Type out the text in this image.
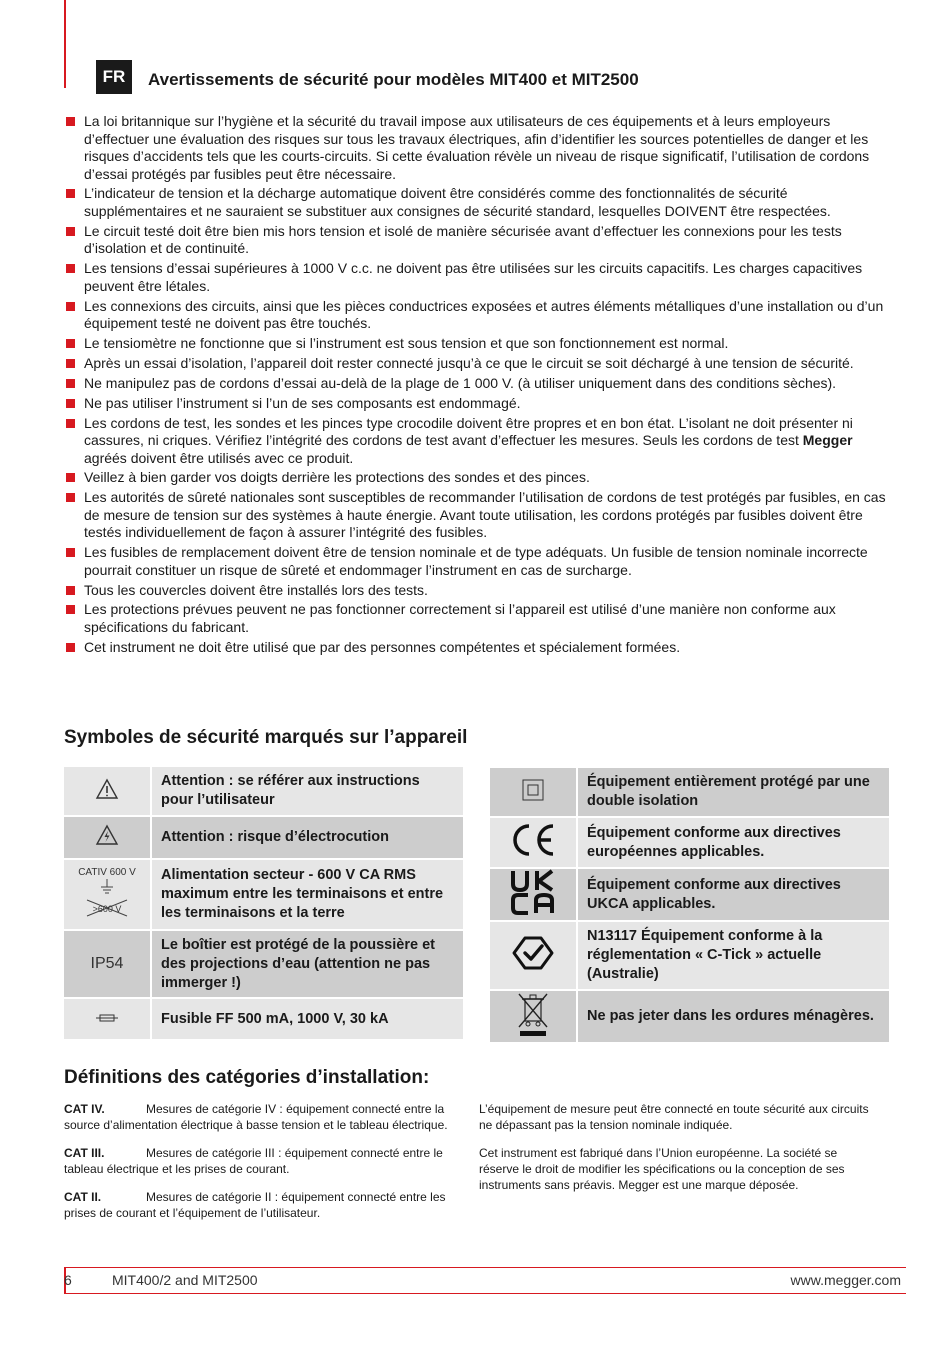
FR	Avertissements de sécurité pour modèles MIT400 et MIT2500
La loi britannique sur l’hygiène et la sécurité du travail impose aux utilisateurs de ces équipements et à leurs employeurs d’effectuer une évaluation des risques sur tous les travaux électriques, afin d’identifier les sources potentielles de danger et les risques d’accidents tels que les courts-circuits. Si cette évaluation révèle un niveau de risque significatif, l’utilisation de cordons d’essai protégés par fusibles peut être nécessaire.
L’indicateur de tension et la décharge automatique doivent être considérés comme des fonctionnalités de sécurité supplémentaires et ne sauraient se substituer aux consignes de sécurité standard, lesquelles DOIVENT être respectées.
Le circuit testé doit être bien mis hors tension et isolé de manière sécurisée avant d’effectuer les connexions pour les tests d’isolation et de continuité.
Les tensions d’essai supérieures à 1000 V c.c. ne doivent pas être utilisées sur les circuits capacitifs. Les charges capacitives peuvent être létales.
Les connexions des circuits, ainsi que les pièces conductrices exposées et autres éléments métalliques d’une installation ou d’un équipement testé ne doivent pas être touchés.
Le tensiomètre ne fonctionne que si l’instrument est sous tension et que son fonctionnement est normal.
Après un essai d’isolation, l’appareil doit rester connecté jusqu’à ce que le circuit se soit déchargé à une tension de sécurité.
Ne manipulez pas de cordons d’essai au-delà de la plage de 1 000 V. (à utiliser uniquement dans des conditions sèches).
Ne pas utiliser l’instrument si l’un de ses composants est endommagé.
Les cordons de test, les sondes et les pinces type crocodile doivent être propres et en bon état. L’isolant ne doit présenter ni cassures, ni criques. Vérifiez l’intégrité des cordons de test avant d’effectuer les mesures. Seuls les cordons de test Megger agréés doivent être utilisés avec ce produit.
Veillez à bien garder vos doigts derrière les protections des sondes et des pinces.
Les autorités de sûreté nationales sont susceptibles de recommander l’utilisation de cordons de test protégés par fusibles, en cas de mesure de tension sur des systèmes à haute énergie. Avant toute utilisation, les cordons protégés par fusibles doivent être testés individuellement de façon à assurer l’intégrité des fusibles.
Les fusibles de remplacement doivent être de tension nominale et de type adéquats. Un fusible de tension nominale incorrecte pourrait constituer un risque de sûreté et endommager l’instrument en cas de surcharge.
Tous les couvercles doivent être installés lors des tests.
Les protections prévues peuvent ne pas fonctionner correctement si l’appareil est utilisé d’une manière non conforme aux spécifications du fabricant.
Cet instrument ne doit être utilisé que par des personnes compétentes et spécialement formées.
Symboles de sécurité marqués sur l’appareil
	Attention : se référer aux instructions pour l’utilisateur
	Attention : risque d’électrocution

CATIV 600 V
>600 V	Alimentation secteur - 600 V CA RMS maximum entre les terminaisons et entre les terminaisons et la terre
IP54	Le boîtier est protégé de la poussière et des projections d’eau (attention ne pas immerger !)
	Fusible FF 500 mA, 1000 V, 30 kA
	Équipement entièrement protégé par une double isolation
	Équipement conforme aux directives européennes applicables.
	Équipement conforme aux directives UKCA applicables.
	N13117 Équipement conforme à la réglementation « C-Tick » actuelle (Australie)
	Ne pas jeter dans les ordures ménagères.
Définitions des catégories d’installation:

CAT IV.	Mesures de catégorie IV : équipement connecté entre la source d’alimentation électrique à basse tension et le tableau électrique.

CAT III.	Mesures de catégorie III : équipement connecté entre le tableau électrique et les prises de courant.

CAT II.	Mesures de catégorie II : équipement connecté entre les prises de courant et l’équipement de l’utilisateur.

L’équipement de mesure peut être connecté en toute sécurité aux circuits ne dépassant pas la tension nominale indiquée.

Cet instrument est fabriqué dans l’Union européenne. La société se réserve le droit de modifier les spécifications ou la conception de ses instruments sans préavis. Megger est une marque déposée.

6	MIT400/2 and MIT2500	www.megger.com
